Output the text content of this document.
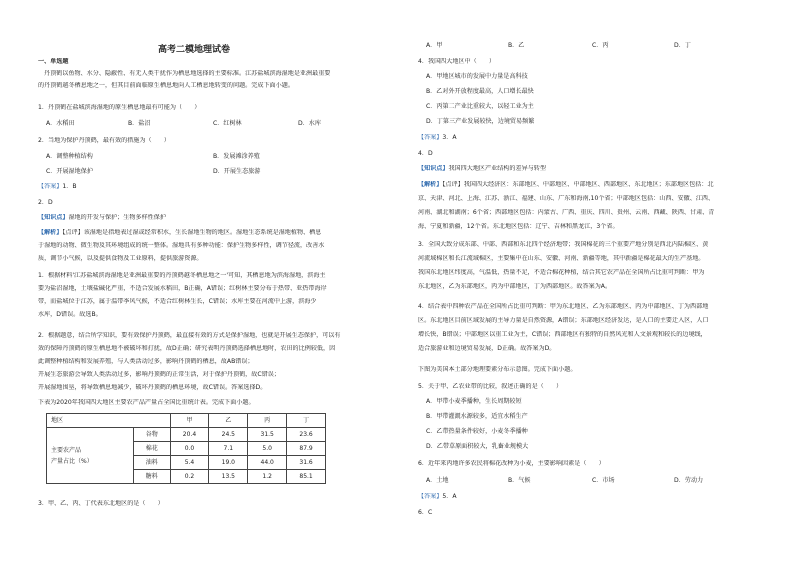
高考二模地理试卷
一、单选题
丹顶鹤以鱼物、水分、隐蔽性、有无人类干扰作为栖息地选择的主要标准。江苏盐城滨海湿地是亚洲最重要
的丹顶鹤越冬栖息地之一，但其目前面临原生栖息地向人工栖息地转变的问题。完成下面小题。
1．丹顶鹤在盐城滨海湿地的原生栖息地最有可能为（　　）
A．水稻田	B．盐沼	C．红树林	D．水库
2．当地为保护丹顶鹤，最有效的措施为（　　）
A．调整种植结构	B．发展滩涂养殖
C．开展湿地保护	D．开展生态旅游
【答案】1．B
2．D
【知识点】湿地的开发与保护；生物多样性保护
【解析】【点评】该湿地是指地表过湿或经常积水，生长湿地生物的地区。湿地生态系统是湿地植物、栖息
于湿地的动物、微生物及其环境组成的统一整体。湿地具有多种功能：保护生物多样性，调节径流，改善水
质，调节小气候，以及提供食物及工业原料，提供旅游资源。
1．根据材料'江苏盐城滨海湿地是亚洲最重要的丹顶鹤越冬栖息地之一'可知，其栖息地为滨海湿地，滨海主
要为盐沼湿地，土壤盐碱化严重，不适合发展水稻田，B正确，A错误；红树林主要分布于热带、亚热带海岸
带，而盐城位于江苏，属于温带季风气候，不适合红树林生长，C错误；水库主要在河流中上游，滨海少
水库，D错误。故选B。
2．根据题意，结合所学知识，要有效保护丹顶鹤，最直接有效的方式是保护湿地，也就是开展生态保护，可以有
效的保障丹顶鹤的原生栖息地不被破坏和打扰，故D正确；研究表明丹顶鹤选择栖息地时，农田的比例较低，因
此调整种植结构和发展养殖，与人类活动过多，影响丹顶鹤的栖息，故AB错误；
开展生态旅游会导致人类活动过多，影响丹顶鹤的正常生活，对于保护丹顶鹤，故C错误；
开展湿地围垦，将导致栖息地减少，破坏丹顶鹤的栖息环境，故C错误。答案选择D。
下表为2020年我国四大地区主要农产品产量占全国比重统计表。完成下面小题。
地区		甲	乙	丙	丁

主要农产品
产量占比（%）	谷物	20.4	24.5	31.5	23.6
	棉花	0.0	7.1	5.0	87.9
	油料	5.4	19.0	44.0	31.6
	糖料	0.2	13.5	1.2	85.1
3．甲、乙、丙、丁代表东北地区的是（　　）
A．甲	B．乙	C．丙	D．丁
4．我国四大地区中（　　）
A．甲地区城市的发展中力量是高科技
B．乙对外开放程度最高，人口增长最快
C．丙第二产业比重较大，以轻工业为主
D．丁第三产业发展较快，边境贸易频繁
【答案】3．A
4．D
【知识点】我国四大地区产业结构的差异与转型
【解析】【点评】我国四大经济区：东部地区、中部地区、中部地区、西部地区、东北地区；东部地区包括：北
京、天津、河北、上海、江苏、浙江、福建、山东、广东和海南,10个省；中部地区包括：山西、安徽、江西、
河南、湖北和湖南；6个省；西部地区包括：内蒙古、广西、重庆、四川、贵州、云南、西藏、陕西、甘肃、青
海、宁夏和新疆，12个省。东北地区包括：辽宁、吉林和黑龙江，3个省。
3．全国大致分成东部、中部、西部和东北四个经济地带；我国棉花的三个重要产地分别是西北内陆棉区、黄
河流域棉区和长江流域棉区，主要集中在山东、安徽、河南、新疆等地，其中新疆是棉花最大的生产基地。
我国东北地区纬度高，气温低，热量不足，不适合棉花种植，结合其它农产品在全国所占比重可判断：甲为
东北地区，乙为东部地区，丙为中部地区，丁为西部地区。故答案为A。
4．结合表中四种农产品在全国所占比重可判断：甲为东北地区、乙为东部地区、丙为中部地区、丁为西部地
区。东北地区目前区域发展的主导力量是自然资源，A错误；东部地区经济发达，是人口的主要迁入区，人口
增长快，B错误；中部地区以重工业为主，C错误；西部地区有独特的自然风光和人文景观和较长的边境线，
适合旅游业和边境贸易发展，D正确。故答案为D。
下图为美国本土部分地理要素分布示意图。完成下面小题。
5．关于甲、乙农业带的比较，叙述正确的是（　　）
A．甲带小麦季播种，生长周期较短
B．甲带灌溉水源较多，适宜水稻生产
C．乙带热量条件较好，小麦冬季播种
D．乙带草原面积较大，乳畜业规模大
6．近年来丙地许多农民将棉花改种为小麦，主要影响因素是（　　）
A．土地	B．气候	C．市场	D．劳动力
【答案】5．A
6．C
